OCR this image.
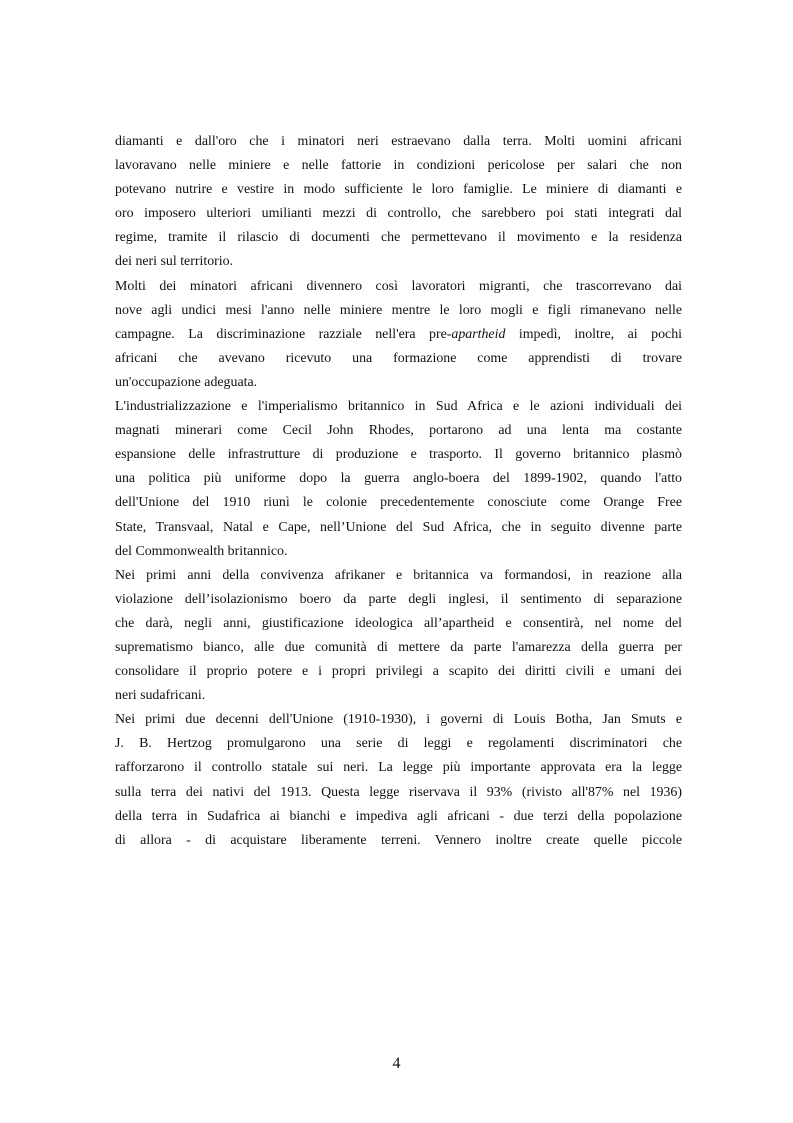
diamanti e dall'oro che i minatori neri estraevano dalla terra. Molti uomini africani
lavoravano nelle miniere e nelle fattorie in condizioni pericolose per salari che non
potevano nutrire e vestire in modo sufficiente le loro famiglie. Le miniere di diamanti e
oro imposero ulteriori umilianti mezzi di controllo, che sarebbero poi stati integrati dal
regime, tramite il rilascio di documenti che permettevano il movimento e la residenza
dei neri sul territorio.

Molti dei minatori africani divennero così lavoratori migranti, che trascorrevano dai
nove agli undici mesi l'anno nelle miniere mentre le loro mogli e figli rimanevano nelle
campagne. La discriminazione razziale nell'era pre-apartheid impedì, inoltre, ai pochi
africani che avevano ricevuto una formazione come apprendisti di trovare
un'occupazione adeguata.

L'industrializzazione e l'imperialismo britannico in Sud Africa e le azioni individuali dei
magnati minerari come Cecil John Rhodes, portarono ad una lenta ma costante
espansione delle infrastrutture di produzione e trasporto. Il governo britannico plasmò
una politica più uniforme dopo la guerra anglo-boera del 1899-1902, quando l'atto
dell'Unione del 1910 riunì le colonie precedentemente conosciute come Orange Free
State, Transvaal, Natal e Cape, nell’Unione del Sud Africa, che in seguito divenne parte
del Commonwealth britannico.

Nei primi anni della convivenza afrikaner e britannica va formandosi, in reazione alla
violazione dell’isolazionismo boero da parte degli inglesi, il sentimento di separazione
che darà, negli anni, giustificazione ideologica all’apartheid e consentirà, nel nome del
suprematismo bianco, alle due comunità di mettere da parte l'amarezza della guerra per
consolidare il proprio potere e i propri privilegi a scapito dei diritti civili e umani dei
neri sudafricani.

Nei primi due decenni dell'Unione (1910-1930), i governi di Louis Botha, Jan Smuts e
J. B. Hertzog promulgarono una serie di leggi e regolamenti discriminatori che
rafforzarono il controllo statale sui neri. La legge più importante approvata era la legge
sulla terra dei nativi del 1913. Questa legge riservava il 93% (rivisto all'87% nel 1936)
della terra in Sudafrica ai bianchi e impediva agli africani - due terzi della popolazione
di allora - di acquistare liberamente terreni. Vennero inoltre create quelle piccole

4
